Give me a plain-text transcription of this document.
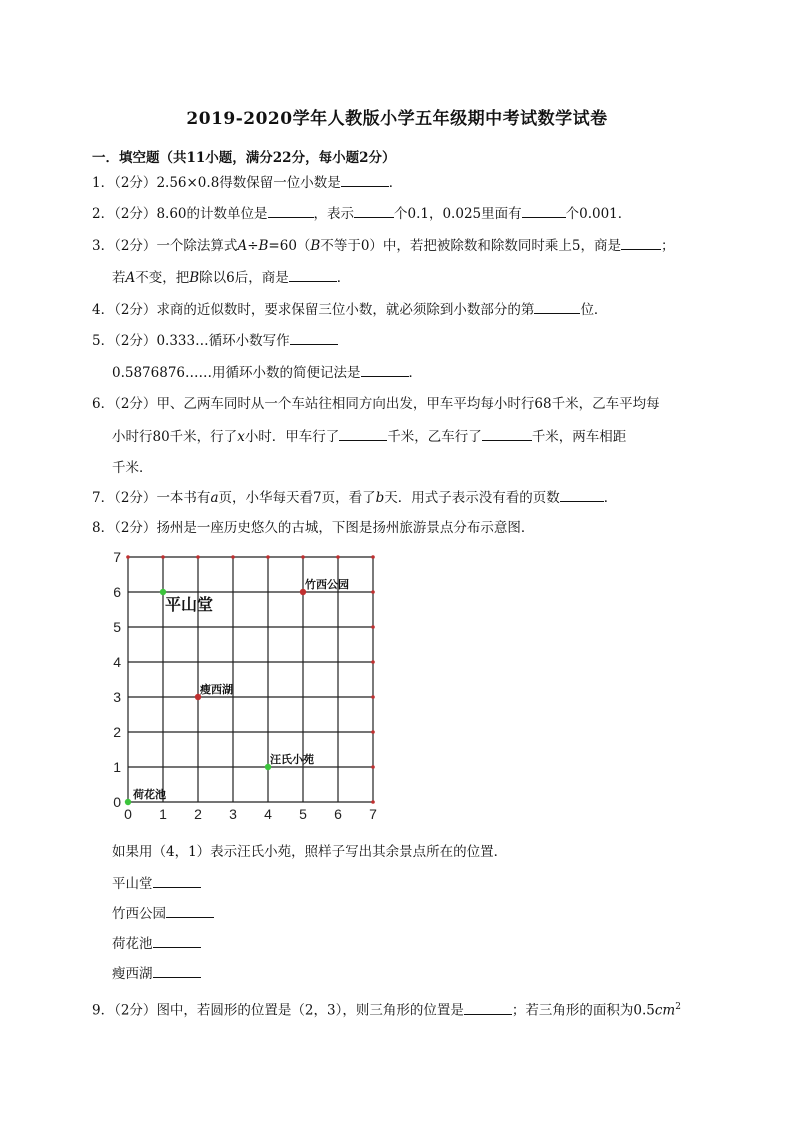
2019-2020学年人教版小学五年级期中考试数学试卷
一．填空题（共11小题，满分22分，每小题2分）
1．（2分）2.56×0.8得数保留一位小数是	．
2．（2分）8.60的计数单位是	，表示	个0.1，0.025里面有	个0.001．
3．（2分）一个除法算式A÷B=60（B不等于0）中，若把被除数和除数同时乘上5，商是	；
若A不变，把B除以6后，商是	．
4．（2分）求商的近似数时，要求保留三位小数，就必须除到小数部分的第	位．
5．（2分）0.333…循环小数写作
0.5876876……用循环小数的简便记法是	．
6．（2分）甲、乙两车同时从一个车站往相同方向出发，甲车平均每小时行68千米，乙车平均每
小时行80千米，行了x小时．甲车行了	千米，乙车行了	千米，两车相距
千米．
7．（2分）一本书有a页，小华每天看7页，看了b天．用式子表示没有看的页数	．
8．（2分）扬州是一座历史悠久的古城，下图是扬州旅游景点分布示意图．
0 1 2 3 4 5 6 7
0
1
2
3
4
5
6
7
平山堂
竹西公园
瘦西湖
汪氏小苑
荷花池
如果用（4，1）表示汪氏小苑，照样子写出其余景点所在的位置．
平山堂
竹西公园
荷花池
瘦西湖
9．（2分）图中，若圆形的位置是（2，3），则三角形的位置是	；若三角形的面积为$0.5cm^2$
